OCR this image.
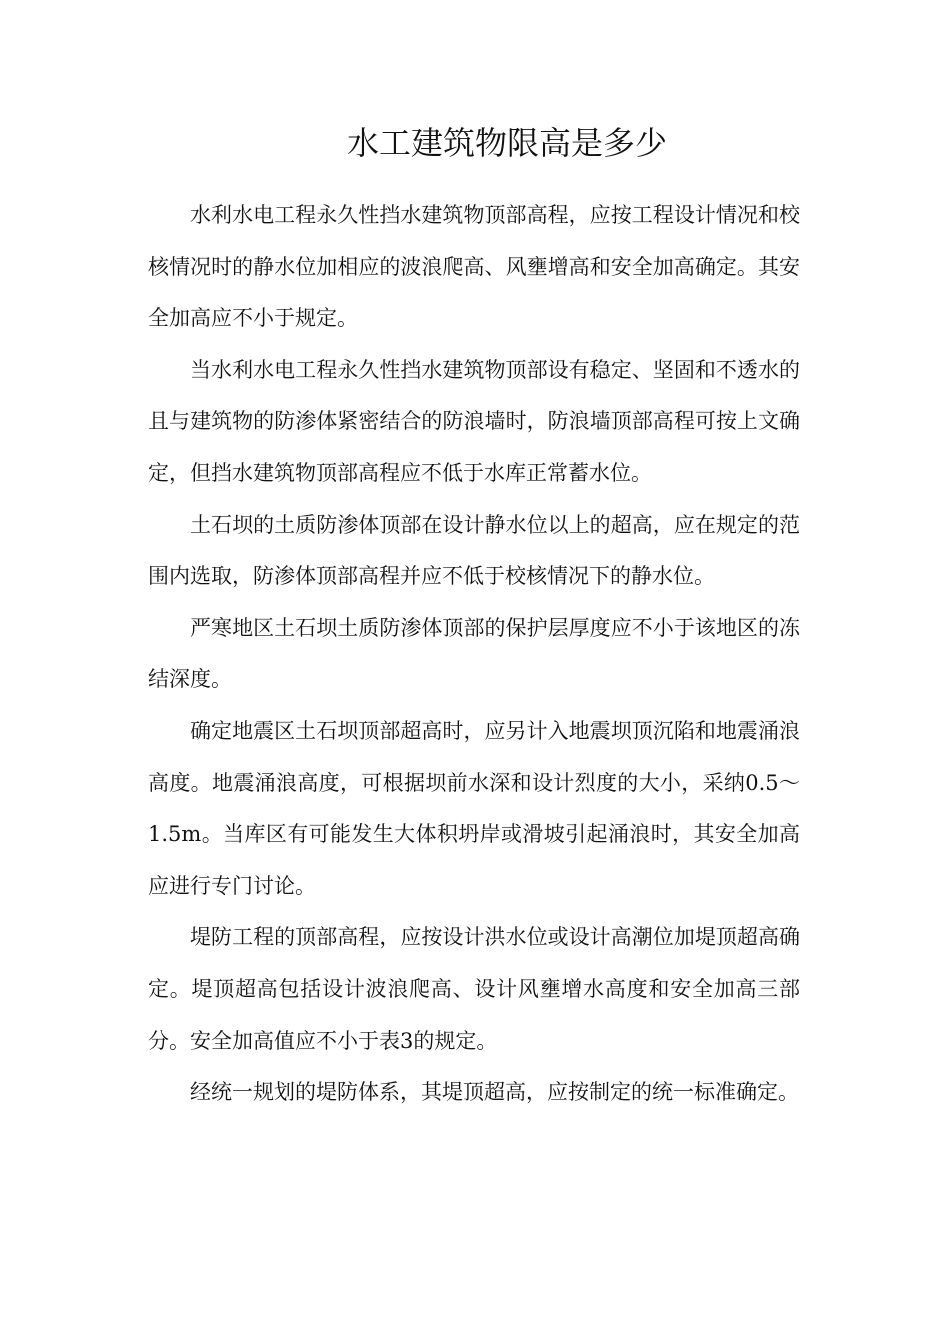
水工建筑物限高是多少

水利水电工程永久性挡水建筑物顶部高程，应按工程设计情况和校核情况时的静水位加相应的波浪爬高、风壅增高和安全加高确定。其安全加高应不小于规定。

当水利水电工程永久性挡水建筑物顶部设有稳定、坚固和不透水的且与建筑物的防渗体紧密结合的防浪墙时，防浪墙顶部高程可按上文确定，但挡水建筑物顶部高程应不低于水库正常蓄水位。

土石坝的土质防渗体顶部在设计静水位以上的超高，应在规定的范围内选取，防渗体顶部高程并应不低于校核情况下的静水位。

严寒地区土石坝土质防渗体顶部的保护层厚度应不小于该地区的冻结深度。

确定地震区土石坝顶部超高时，应另计入地震坝顶沉陷和地震涌浪高度。地震涌浪高度，可根据坝前水深和设计烈度的大小，采纳0.5～1.5m。当库区有可能发生大体积坍岸或滑坡引起涌浪时，其安全加高应进行专门讨论。

堤防工程的顶部高程，应按设计洪水位或设计高潮位加堤顶超高确定。堤顶超高包括设计波浪爬高、设计风壅增水高度和安全加高三部分。安全加高值应不小于表3的规定。

经统一规划的堤防体系，其堤顶超高，应按制定的统一标准确定。
